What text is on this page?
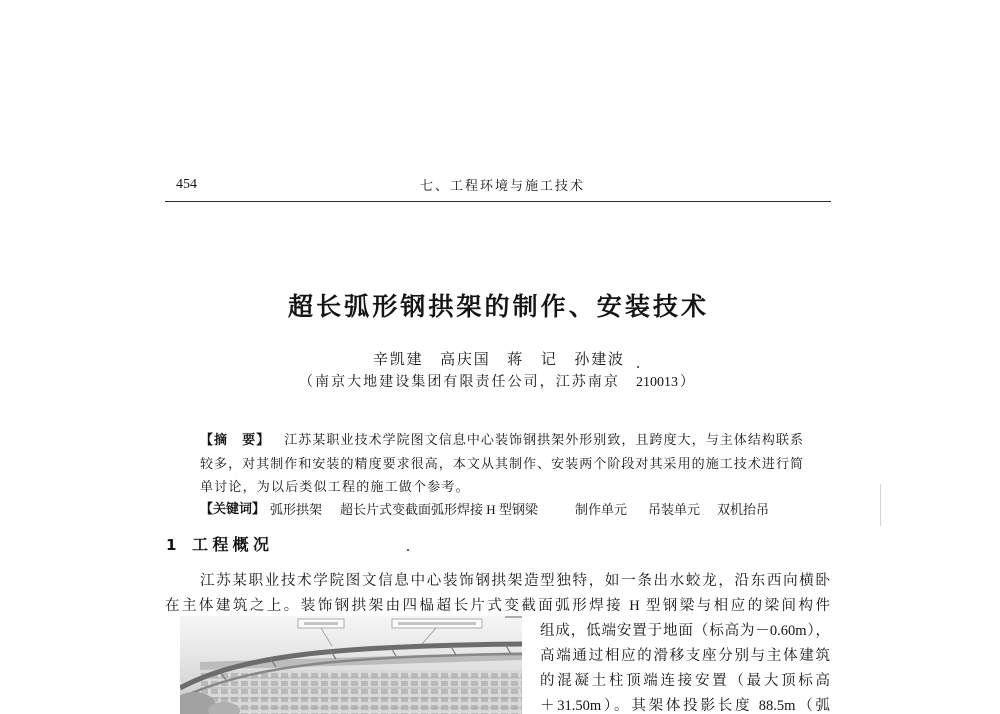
454	七、工程环境与施工技术
超长弧形钢拱架的制作、安装技术
辛凯建　高庆国　蒋　记　孙建波
（南京大地建设集团有限责任公司，江苏南京　210013）
【摘　要】 江苏某职业技术学院图文信息中心装饰钢拱架外形别致，且跨度大，与主体结构联系
较多，对其制作和安装的精度要求很高，本文从其制作、安装两个阶段对其采用的施工技术进行简
单讨论，为以后类似工程的施工做个参考。
【关键词】 弧形拱架 超长片式变截面弧形焊接 H 型钢梁	制作单元 吊装单元 双机抬吊
1 工程概况
江苏某职业技术学院图文信息中心装饰钢拱架造型独特，如一条出水蛟龙，沿东西向横卧
在主体建筑之上。装饰钢拱架由四榀超长片式变截面弧形焊接 H 型钢梁与相应的梁间构件
组成，低端安置于地面（标高为－0.60m），
高端通过相应的滑移支座分别与主体建筑
的混凝土柱顶端连接安置（最大顶标高
＋31.50m）。其架体投影长度 88.5m（弧
